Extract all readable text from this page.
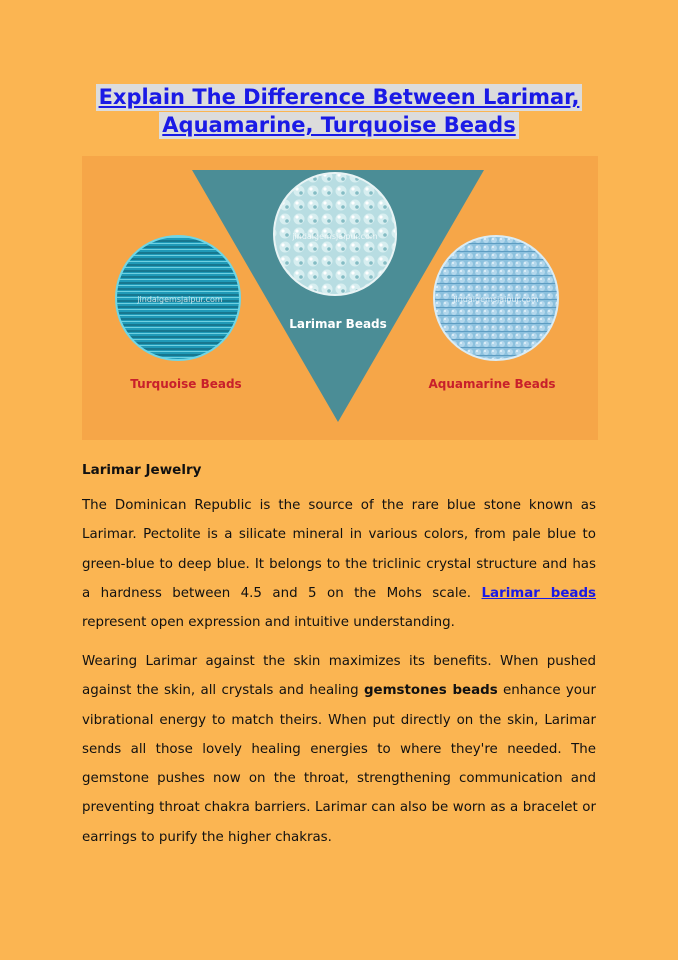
Explain The Difference Between Larimar,
Aquamarine, Turquoise Beads
jindalgemsjaipur.com
Larimar Beads
jindalgemsjaipur.com
Turquoise Beads
jindalgemsjaipur.com
Aquamarine Beads
Larimar Jewelry

The Dominican Republic is the source of the rare blue stone known as Larimar. Pectolite is a silicate mineral in various colors, from pale blue to green-blue to deep blue. It belongs to the triclinic crystal structure and has a hardness between 4.5 and 5 on the Mohs scale. Larimar beads represent open expression and intuitive understanding.

Wearing Larimar against the skin maximizes its benefits. When pushed against the skin, all crystals and healing gemstones beads enhance your vibrational energy to match theirs. When put directly on the skin, Larimar sends all those lovely healing energies to where they're needed. The gemstone pushes now on the throat, strengthening communication and preventing throat chakra barriers. Larimar can also be worn as a bracelet or earrings to purify the higher chakras.
